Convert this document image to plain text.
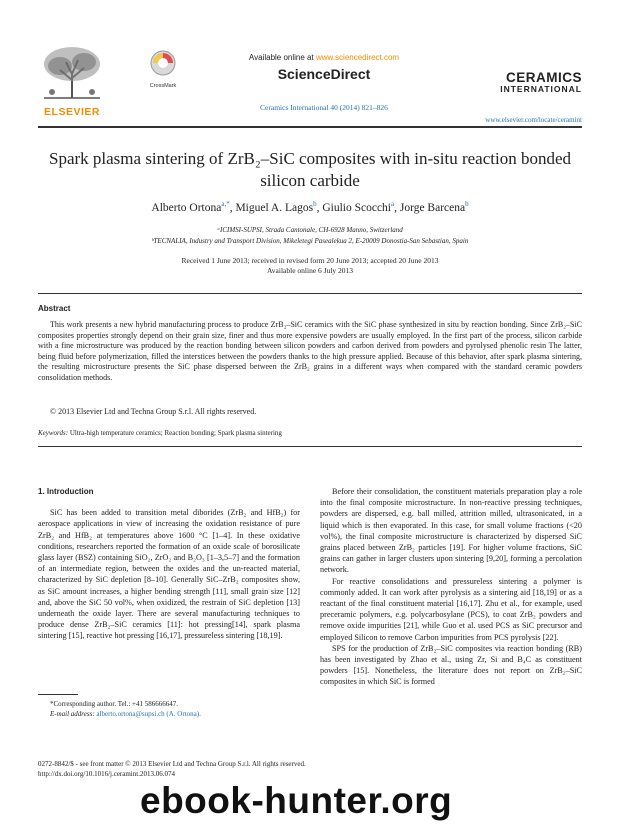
ELSEVIER
CrossMark
Available online at www.sciencedirect.com
ScienceDirect
Ceramics International 40 (2014) 821–826
CERAMICS
INTERNATIONAL
www.elsevier.com/locate/ceramint
Spark plasma sintering of ZrB₂–SiC composites with in-situ reaction bonded
silicon carbide
Alberto Ortona$^{a,*}$, Miguel A. Lagos$^b$, Giulio Scocchi$^a$, Jorge Barcena$^b$
ᵃICIMSI-SUPSI, Strada Cantonale, CH-6928 Manno, Switzerland
ᵇTECNALIA, Industry and Transport Division, Mikeletegi Pasealekua 2, E-20009 Donostia-San Sebastian, Spain
Received 1 June 2013; received in revised form 20 June 2013; accepted 20 June 2013
Available online 6 July 2013
Abstract
This work presents a new hybrid manufacturing process to produce ZrB₂–SiC ceramics with the SiC phase synthesized in situ by reaction bonding. Since ZrB₂–SiC composites properties strongly depend on their grain size, finer and thus more expensive powders are usually employed. In the first part of the process, silicon carbide with a fine microstructure was produced by the reaction bonding between silicon powders and carbon derived from powders and pyrolysed phenolic resin The latter, being fluid before polymerization, filled the interstices between the powders thanks to the high pressure applied. Because of this behavior, after spark plasma sintering, the resulting microstructure presents the SiC phase dispersed between the ZrB₂ grains in a different ways when compared with the standard ceramic powders consolidation methods.
© 2013 Elsevier Ltd and Techna Group S.r.l. All rights reserved.
Keywords: Ultra-high temperature ceramics; Reaction bonding; Spark plasma sintering
1. Introduction

SiC has been added to transition metal diborides (ZrB₂ and HfB₂) for aerospace applications in view of increasing the oxidation resistance of pure ZrB₂ and HfB₂ at temperatures above 1600 °C [1–4]. In these oxidative conditions, researchers reported the formation of an oxide scale of borosilicate glass layer (BSZ) containing SiO₂, ZrO₂ and B₂O₃ [1–3,5–7] and the formation of an intermediate region, between the oxides and the un-reacted material, characterized by SiC depletion [8–10]. Generally SiC–ZrB₂ composites show, as SiC amount increases, a higher bending strength [11], small grain size [12] and, above the SiC 50 vol%, when oxidized, the restrain of SiC depletion [13] underneath the oxide layer. There are several manufacturing techniques to produce dense ZrB₂–SiC ceramics [11]: hot pressing[14], spark plasma sintering [15], reactive hot pressing [16,17], pressureless sintering [18,19].

Before their consolidation, the constituent materials preparation play a role into the final composite microstructure. In non-reactive pressing techniques, powders are dispersed, e.g. ball milled, attrition milled, ultrasonicated, in a liquid which is then evaporated. In this case, for small volume fractions (<20 vol%), the final composite microstructure is characterized by dispersed SiC grains placed between ZrB₂ particles [19]. For higher volume fractions, SiC grains can gather in larger clusters upon sintering [9,20], forming a percolation network.

For reactive consolidations and pressureless sintering a polymer is commonly added. It can work after pyrolysis as a sintering aid [18,19] or as a reactant of the final constituent material [16,17]. Zhu et al., for example, used preceramic polymers, e.g. polycarbosylane (PCS), to coat ZrB₂ powders and remove oxide impurities [21], while Guo et al. used PCS as SiC precursor and employed Silicon to remove Carbon impurities from PCS pyrolysis [22].

SPS for the production of ZrB₂–SiC composites via reaction bonding (RB) has been investigated by Zhao et al., using Zr, Si and B₄C as constituent powders [15]. Nonetheless, the literature does not report on ZrB₂–SiC composites in which SiC is formed

*Corresponding author. Tel.: +41 586666647.
E-mail address: alberto.ortona@supsi.ch (A. Ortona).
0272-8842/$ - see front matter © 2013 Elsevier Ltd and Techna Group S.r.l. All rights reserved.
http://dx.doi.org/10.1016/j.ceramint.2013.06.074
ebook-hunter.org
